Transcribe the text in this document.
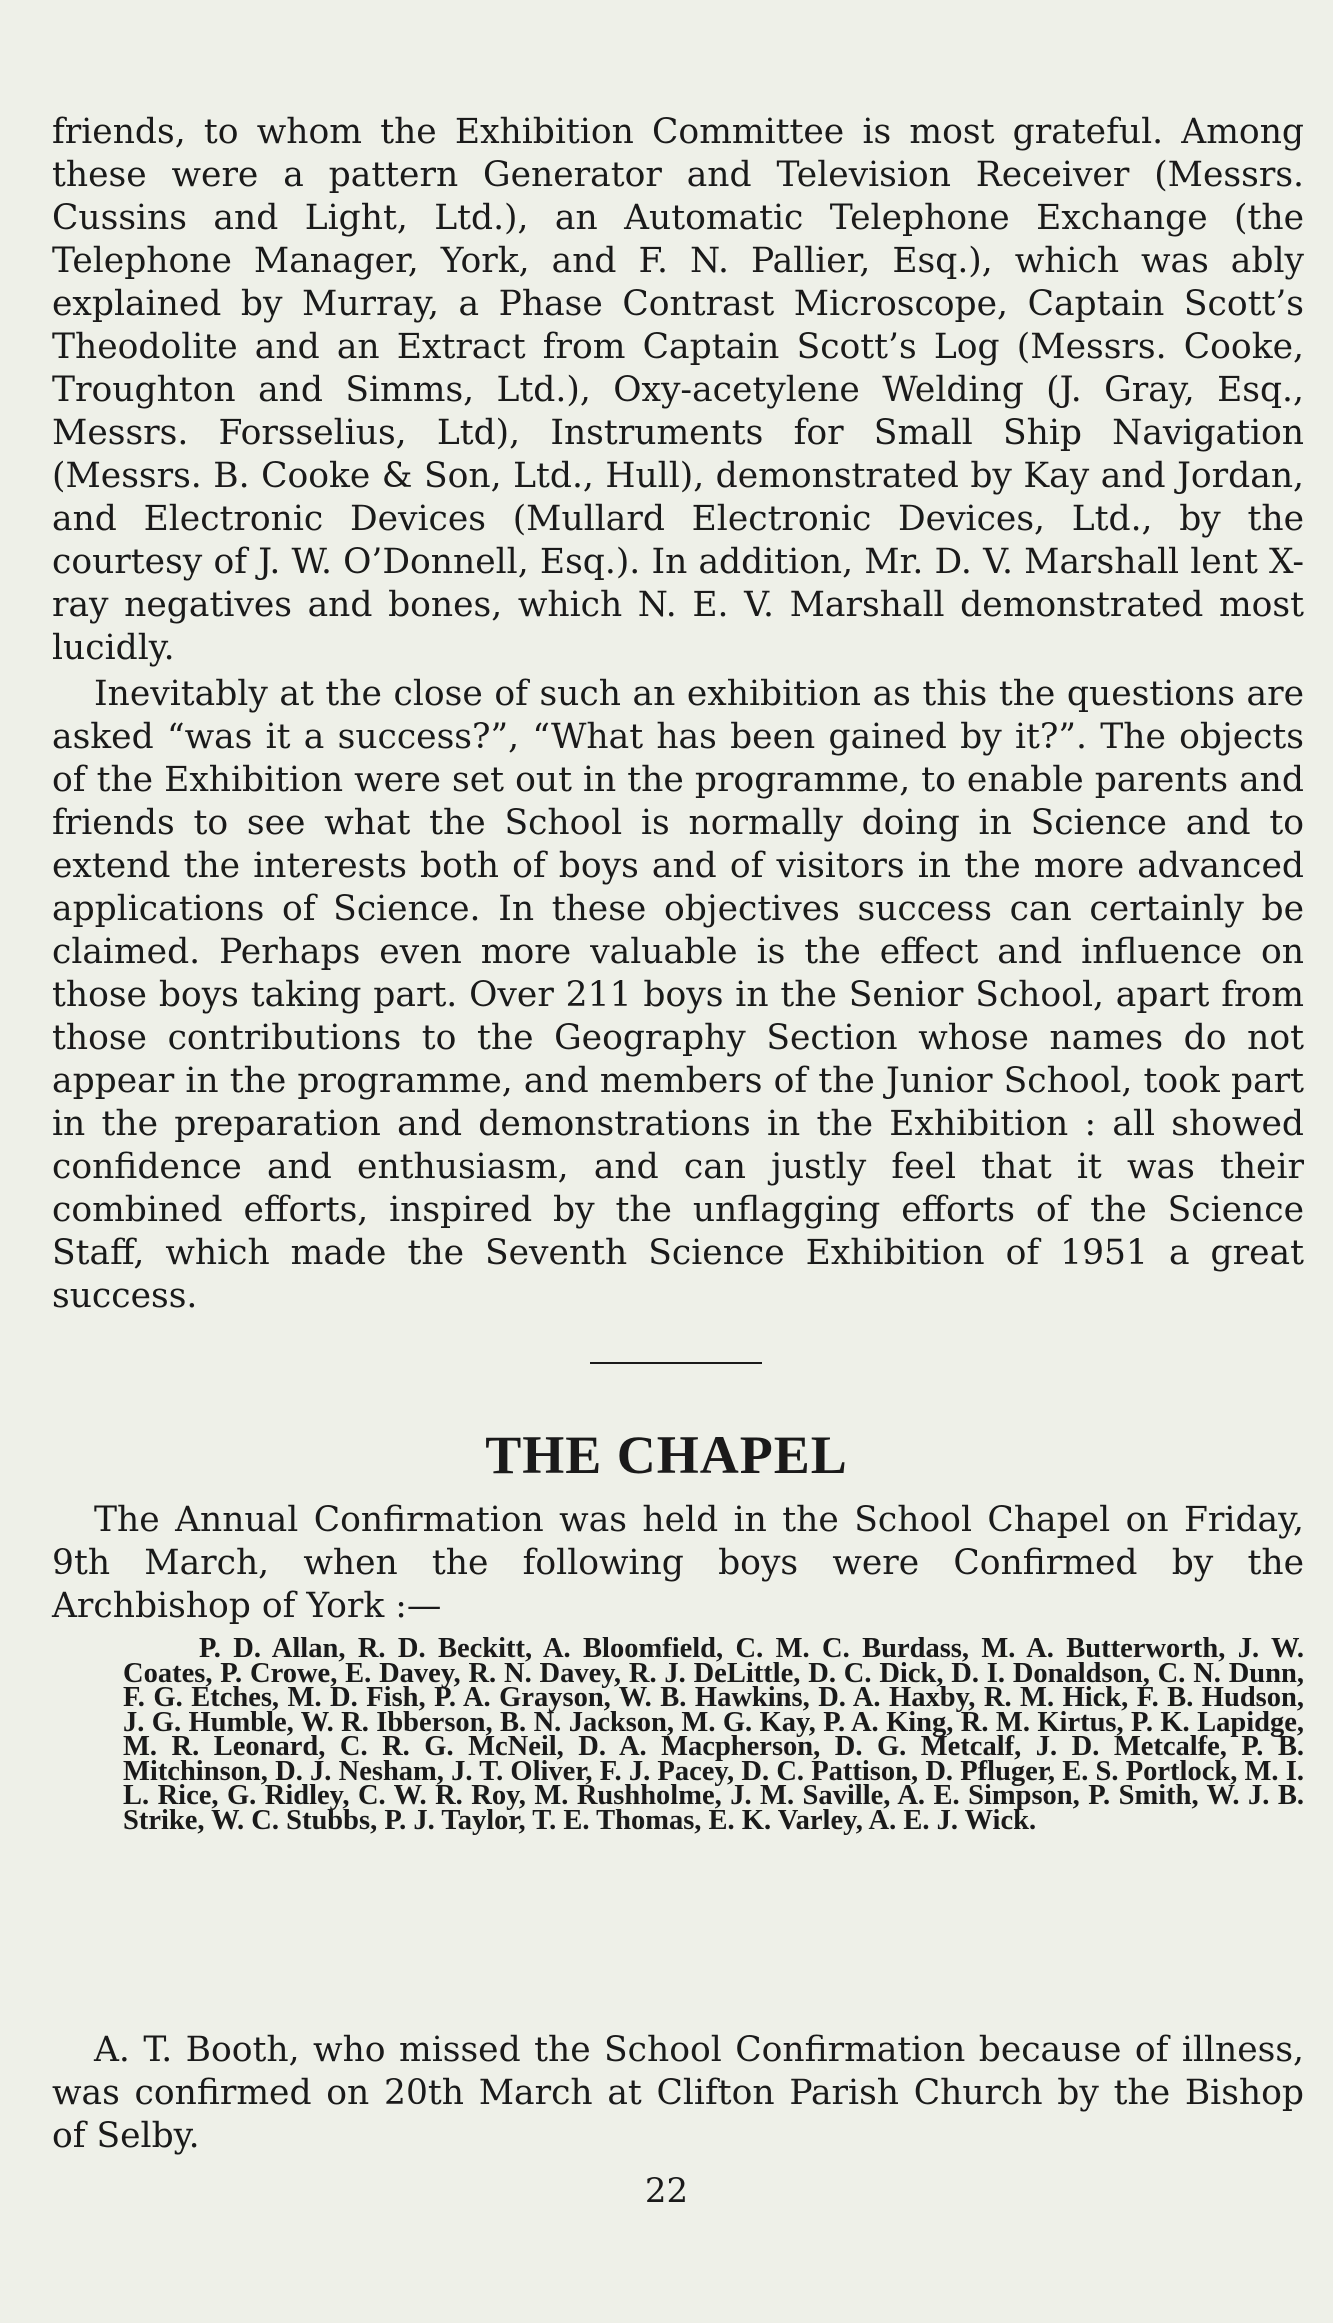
friends, to whom the Exhibition Committee is most grateful. Among these were a pattern Generator and Television Receiver (Messrs. Cussins and Light, Ltd.), an Automatic Telephone Exchange (the Telephone Manager, York, and F. N. Pallier, Esq.), which was ably explained by Murray, a Phase Contrast Microscope, Captain Scott’s Theodolite and an Extract from Captain Scott’s Log (Messrs. Cooke, Troughton and Simms, Ltd.), Oxy-acetylene Welding (J. Gray, Esq., Messrs. Forsselius, Ltd), Instruments for Small Ship Navigation (Messrs. B. Cooke & Son, Ltd., Hull), demonstrated by Kay and Jordan, and Electronic Devices (Mullard Electronic Devices, Ltd., by the courtesy of J. W. O’Donnell, Esq.). In addition, Mr. D. V. Marshall lent X-ray negatives and bones, which N. E. V. Marshall demonstrated most lucidly.

Inevitably at the close of such an exhibition as this the questions are asked “was it a success?”, “What has been gained by it?”. The objects of the Exhibition were set out in the programme, to enable parents and friends to see what the School is normally doing in Science and to extend the interests both of boys and of visitors in the more advanced applications of Science. In these objectives success can certainly be claimed. Perhaps even more valuable is the effect and influence on those boys taking part. Over 211 boys in the Senior School, apart from those contributions to the Geography Section whose names do not appear in the programme, and members of the Junior School, took part in the preparation and demonstrations in the Exhibition : all showed confidence and enthusiasm, and can justly feel that it was their combined efforts, inspired by the unflagging efforts of the Science Staff, which made the Seventh Science Exhibition of 1951 a great success.

THE CHAPEL

The Annual Confirmation was held in the School Chapel on Friday, 9th March, when the following boys were Confirmed by the Archbishop of York :—

P. D. Allan, R. D. Beckitt, A. Bloomfield, C. M. C. Burdass, M. A. Butterworth, J. W. Coates, P. Crowe, E. Davey, R. N. Davey, R. J. DeLittle, D. C. Dick, D. I. Donaldson, C. N. Dunn, F. G. Etches, M. D. Fish, P. A. Grayson, W. B. Hawkins, D. A. Haxby, R. M. Hick, F. B. Hudson, J. G. Humble, W. R. Ibberson, B. N. Jackson, M. G. Kay, P. A. King, R. M. Kirtus, P. K. Lapidge, M. R. Leonard, C. R. G. McNeil, D. A. Macpherson, D. G. Metcalf, J. D. Metcalfe, P. B. Mitchinson, D. J. Nesham, J. T. Oliver, F. J. Pacey, D. C. Pattison, D. Pfluger, E. S. Portlock, M. I. L. Rice, G. Ridley, C. W. R. Roy, M. Rushholme, J. M. Saville, A. E. Simpson, P. Smith, W. J. B. Strike, W. C. Stubbs, P. J. Taylor, T. E. Thomas, E. K. Varley, A. E. J. Wick.

A. T. Booth, who missed the School Confirmation because of illness, was confirmed on 20th March at Clifton Parish Church by the Bishop of Selby.

22
